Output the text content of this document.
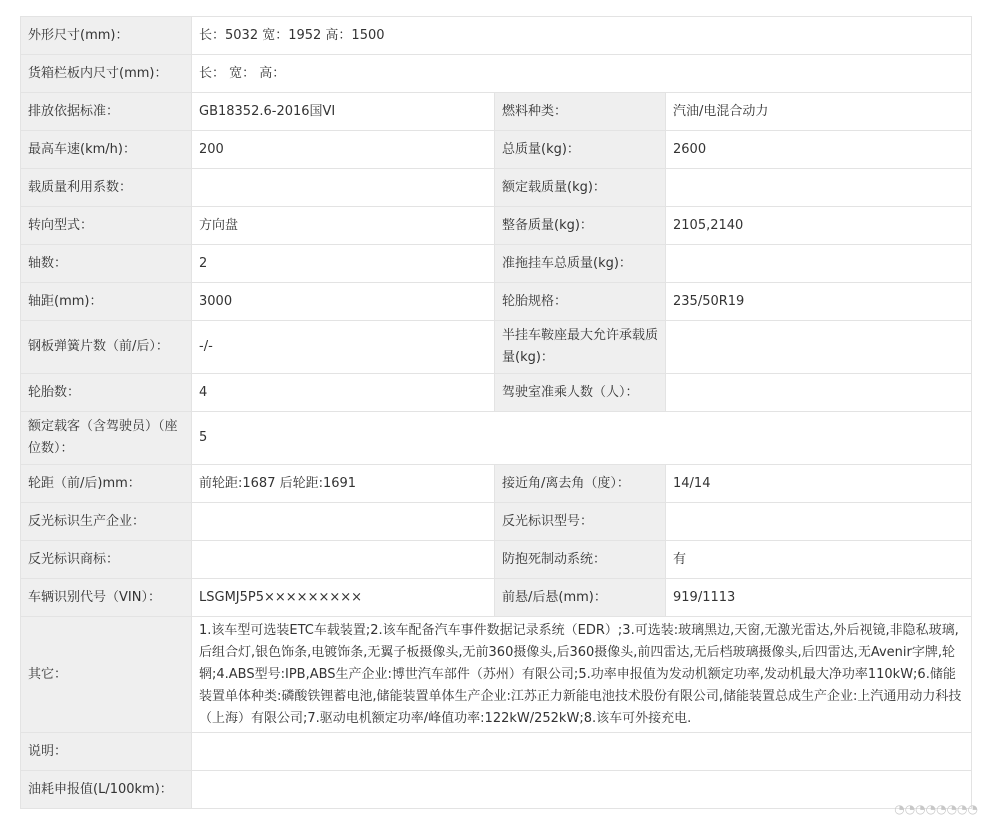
外形尺寸(mm)：	长：5032 宽：1952 高：1500		
货箱栏板内尺寸(mm)：	长： 宽： 高：		
排放依据标准：	GB18352.6-2016国VI	燃料种类：	汽油/电混合动力
最高车速(km/h)：	200	总质量(kg)：	2600
载质量利用系数：		额定载质量(kg)：	
转向型式：	方向盘	整备质量(kg)：	2105,2140
轴数：	2	准拖挂车总质量(kg)：	
轴距(mm)：	3000	轮胎规格：	235/50R19
钢板弹簧片数（前/后）：	-/-	半挂车鞍座最大允许承载质量(kg)：	
轮胎数：	4	驾驶室准乘人数（人）：	
额定载客（含驾驶员）（座位数）：	5		
轮距（前/后)mm：	前轮距:1687 后轮距:1691	接近角/离去角（度）：	14/14
反光标识生产企业：		反光标识型号：	
反光标识商标：		防抱死制动系统：	有
车辆识别代号（VIN）：	LSGMJ5P5×××××××××	前悬/后悬(mm)：	919/1113
其它：	1.该车型可选装ETC车载装置;2.该车配备汽车事件数据记录系统（EDR）;3.可选装:玻璃黑边,天窗,无激光雷达,外后视镜,非隐私玻璃,后组合灯,银色饰条,电镀饰条,无翼子板摄像头,无前360摄像头,后360摄像头,前四雷达,无后档玻璃摄像头,后四雷达,无Avenir字牌,轮辋;4.ABS型号:IPB,ABS生产企业:博世汽车部件（苏州）有限公司;5.功率申报值为发动机额定功率,发动机最大净功率110kW;6.储能装置单体种类:磷酸铁锂蓄电池,储能装置单体生产企业:江苏正力新能电池技术股份有限公司,储能装置总成生产企业:上汽通用动力科技（上海）有限公司;7.驱动电机额定功率/峰值功率:122kW/252kW;8.该车可外接充电.		
说明：			
油耗申报值(L/100km)：			
◔◔◔◔◔◔◔◔
